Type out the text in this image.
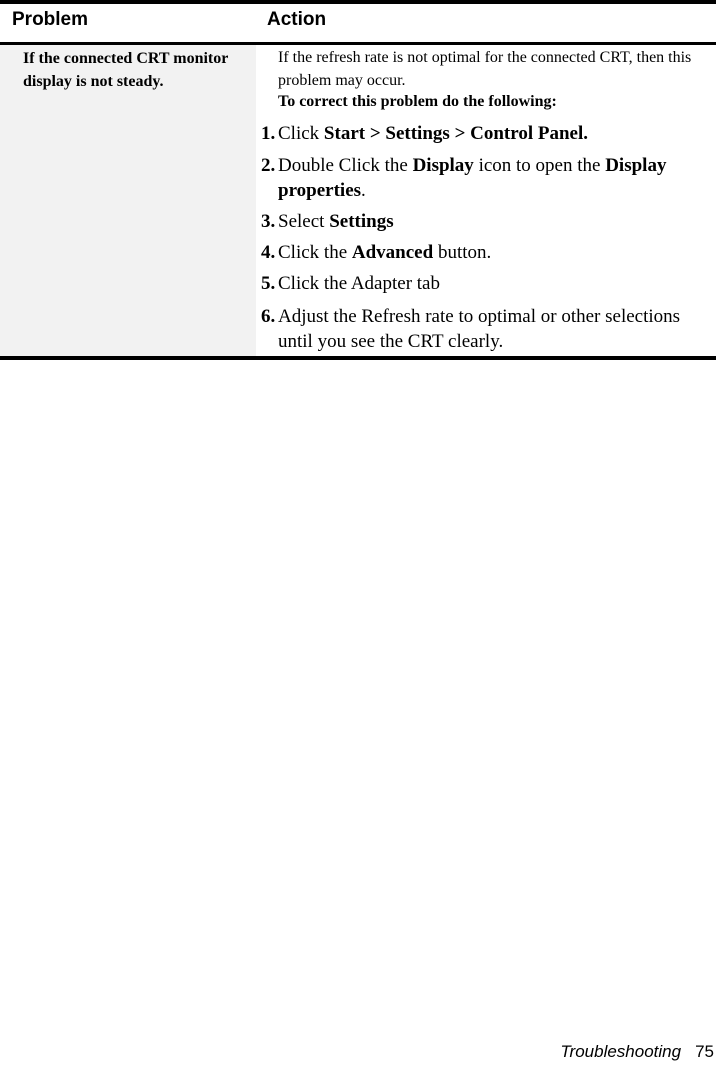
Problem	Action
If the connected CRT monitor display is not steady.
If the refresh rate is not optimal for the connected CRT, then this problem may occur.
To correct this problem do the following:
1. Click Start > Settings > Control Panel.
2. Double Click the Display icon to open the Display properties.
3. Select Settings
4. Click the Advanced button.
5. Click the Adapter tab
6. Adjust the Refresh rate to optimal or other selections until you see the CRT clearly.
Troubleshooting 75
